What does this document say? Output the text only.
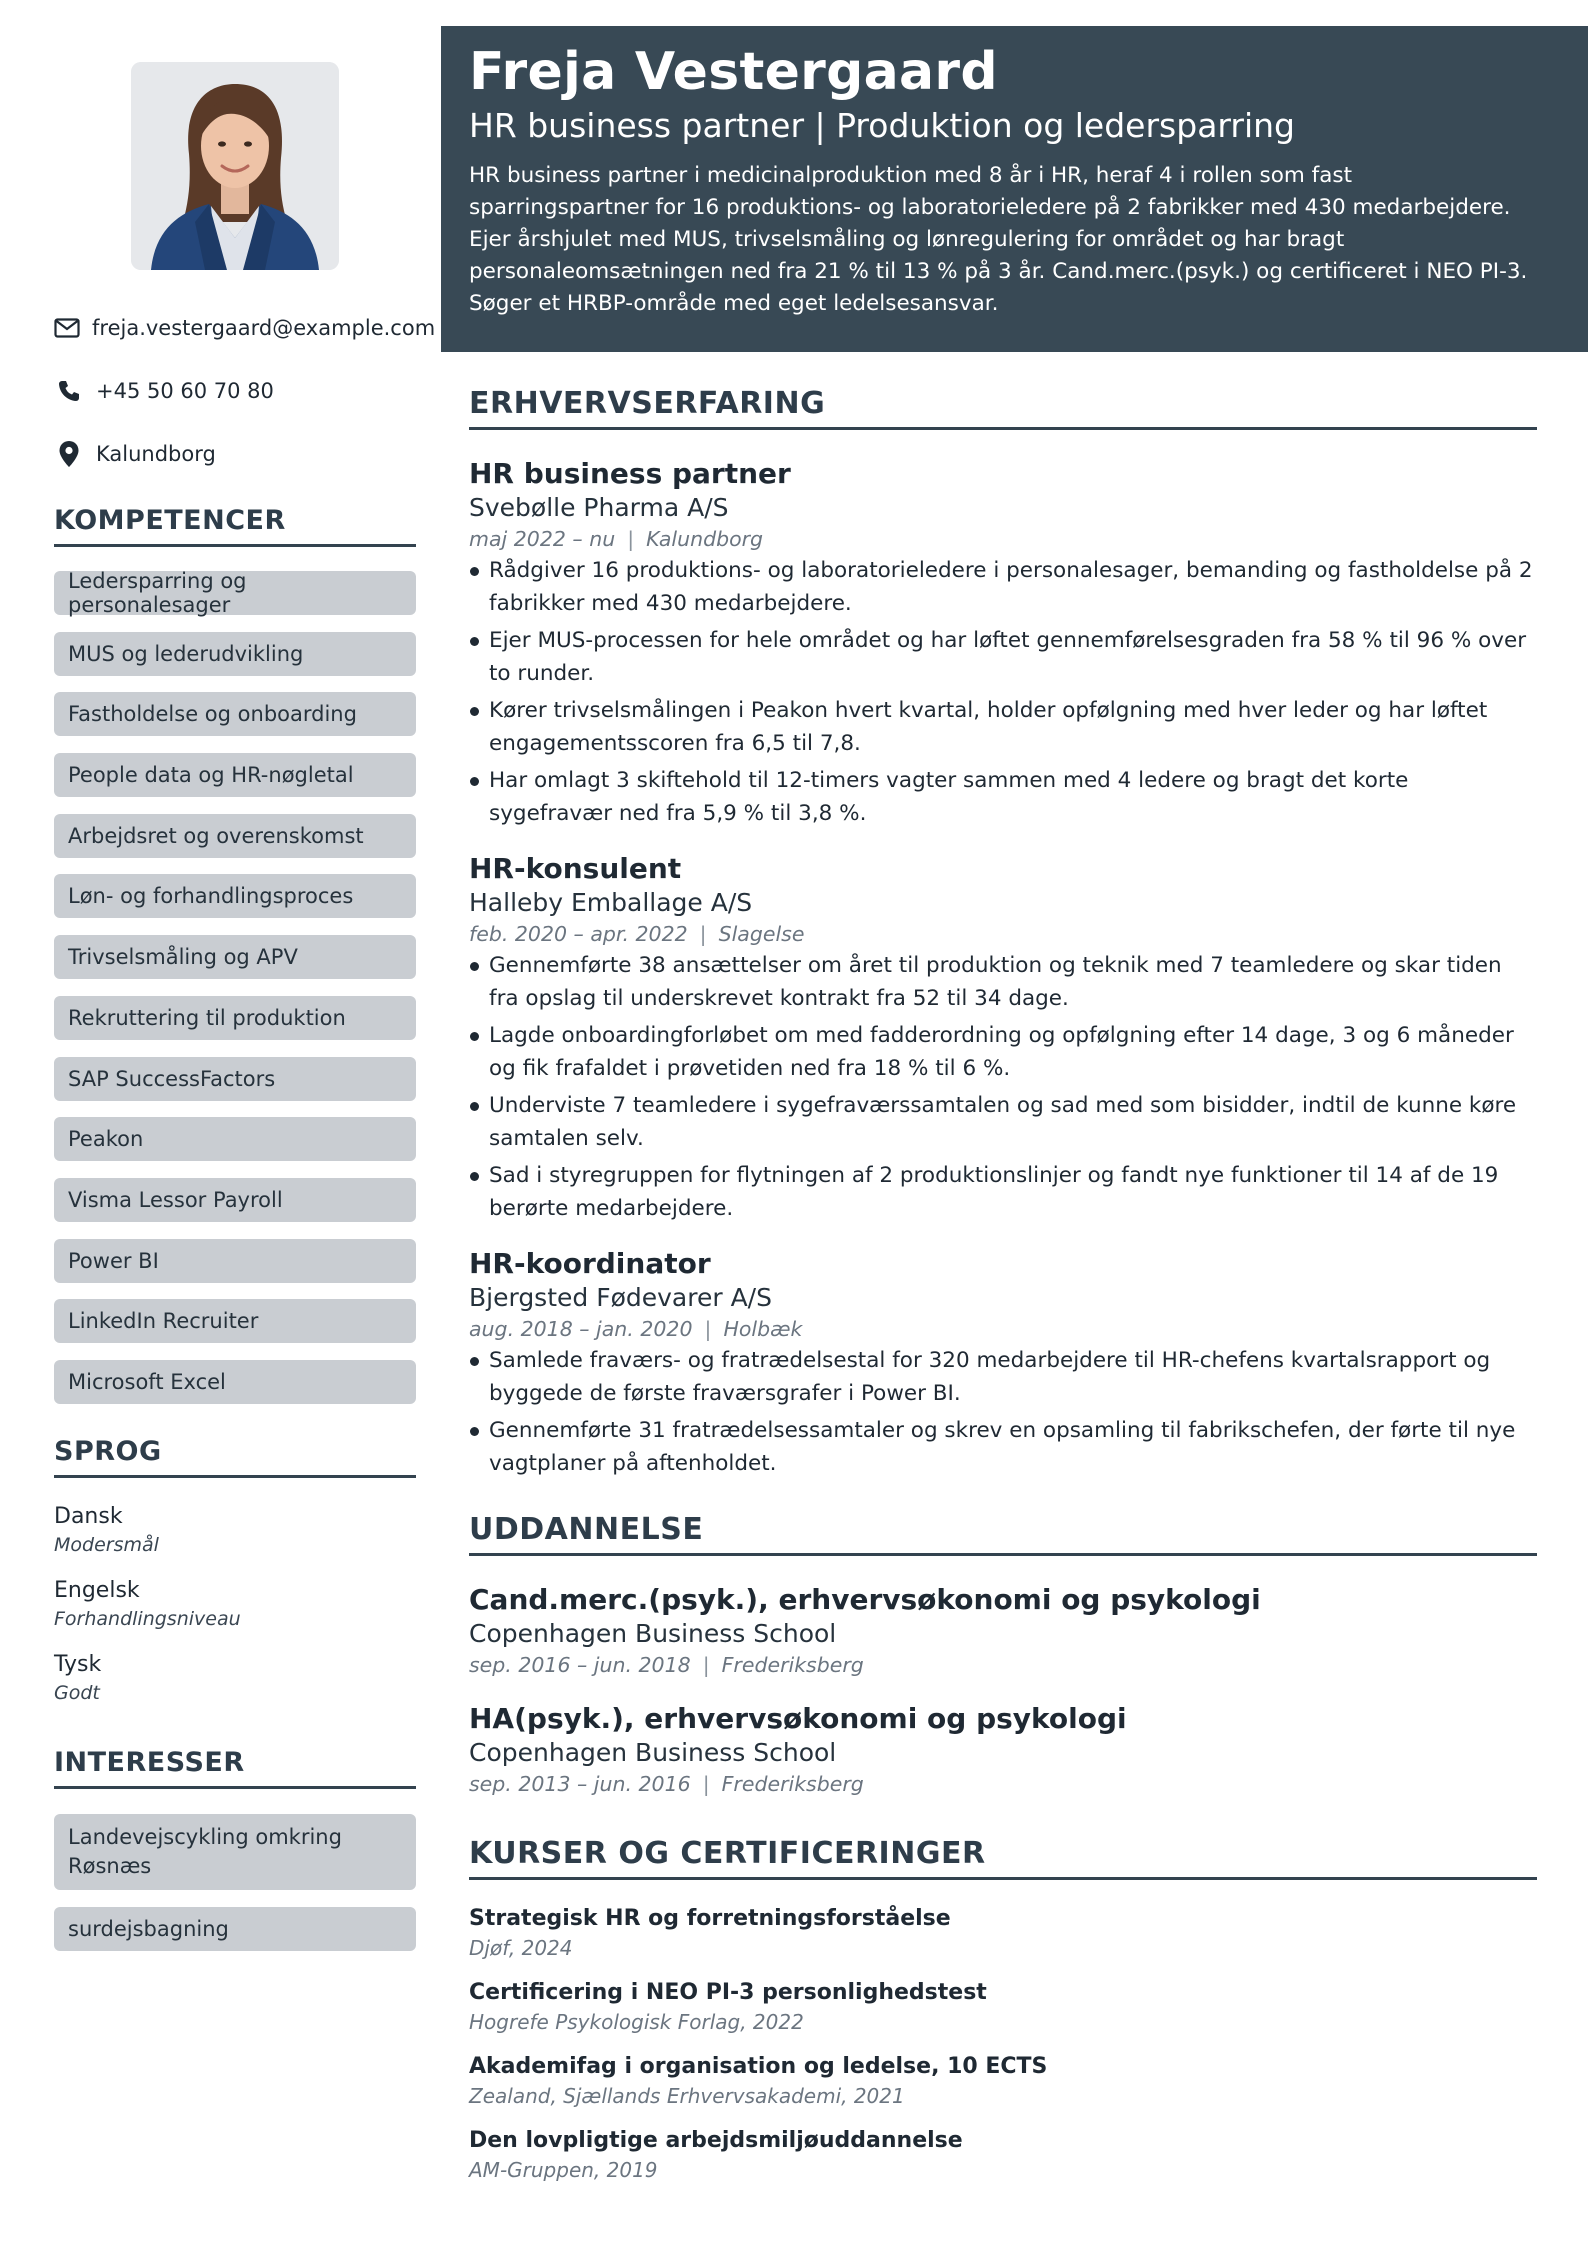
freja.vestergaard@example.com
+45 50 60 70 80
Kalundborg
KOMPETENCER
Ledersparring og personalesager
MUS og lederudvikling
Fastholdelse og onboarding
People data og HR-nøgletal
Arbejdsret og overenskomst
Løn- og forhandlingsproces
Trivselsmåling og APV
Rekruttering til produktion
SAP SuccessFactors
Peakon
Visma Lessor Payroll
Power BI
LinkedIn Recruiter
Microsoft Excel
SPROG
Dansk
Modersmål
Engelsk
Forhandlingsniveau
Tysk
Godt
INTERESSER
Landevejscykling omkring Røsnæs
surdejsbagning
Freja Vestergaard
HR business partner | Produktion og ledersparring
HR business partner i medicinalproduktion med 8 år i HR, heraf 4 i rollen som fast sparringspartner for 16 produktions- og laboratorieledere på 2 fabrikker med 430 medarbejdere. Ejer årshjulet med MUS, trivselsmåling og lønregulering for området og har bragt personaleomsætningen ned fra 21 % til 13 % på 3 år. Cand.merc.(psyk.) og certificeret i NEO PI-3. Søger et HRBP-område med eget ledelsesansvar.
ERHVERVSERFARING
HR business partner
Svebølle Pharma A/S
maj 2022 – nu | Kalundborg
Rådgiver 16 produktions- og laboratorieledere i personalesager, bemanding og fastholdelse på 2 fabrikker med 430 medarbejdere.
Ejer MUS-processen for hele området og har løftet gennemførelsesgraden fra 58 % til 96 % over to runder.
Kører trivselsmålingen i Peakon hvert kvartal, holder opfølgning med hver leder og har løftet engagementsscoren fra 6,5 til 7,8.
Har omlagt 3 skiftehold til 12-timers vagter sammen med 4 ledere og bragt det korte sygefravær ned fra 5,9 % til 3,8 %.
HR-konsulent
Halleby Emballage A/S
feb. 2020 – apr. 2022 | Slagelse
Gennemførte 38 ansættelser om året til produktion og teknik med 7 teamledere og skar tiden fra opslag til underskrevet kontrakt fra 52 til 34 dage.
Lagde onboardingforløbet om med fadderordning og opfølgning efter 14 dage, 3 og 6 måneder og fik frafaldet i prøvetiden ned fra 18 % til 6 %.
Underviste 7 teamledere i sygefraværssamtalen og sad med som bisidder, indtil de kunne køre samtalen selv.
Sad i styregruppen for flytningen af 2 produktionslinjer og fandt nye funktioner til 14 af de 19 berørte medarbejdere.
HR-koordinator
Bjergsted Fødevarer A/S
aug. 2018 – jan. 2020 | Holbæk
Samlede fraværs- og fratrædelsestal for 320 medarbejdere til HR-chefens kvartalsrapport og byggede de første fraværsgrafer i Power BI.
Gennemførte 31 fratrædelsessamtaler og skrev en opsamling til fabrikschefen, der førte til nye vagtplaner på aftenholdet.
UDDANNELSE
Cand.merc.(psyk.), erhvervsøkonomi og psykologi
Copenhagen Business School
sep. 2016 – jun. 2018 | Frederiksberg
HA(psyk.), erhvervsøkonomi og psykologi
Copenhagen Business School
sep. 2013 – jun. 2016 | Frederiksberg
KURSER OG CERTIFICERINGER
Strategisk HR og forretningsforståelse
Djøf, 2024
Certificering i NEO PI-3 personlighedstest
Hogrefe Psykologisk Forlag, 2022
Akademifag i organisation og ledelse, 10 ECTS
Zealand, Sjællands Erhvervsakademi, 2021
Den lovpligtige arbejdsmiljøuddannelse
AM-Gruppen, 2019
